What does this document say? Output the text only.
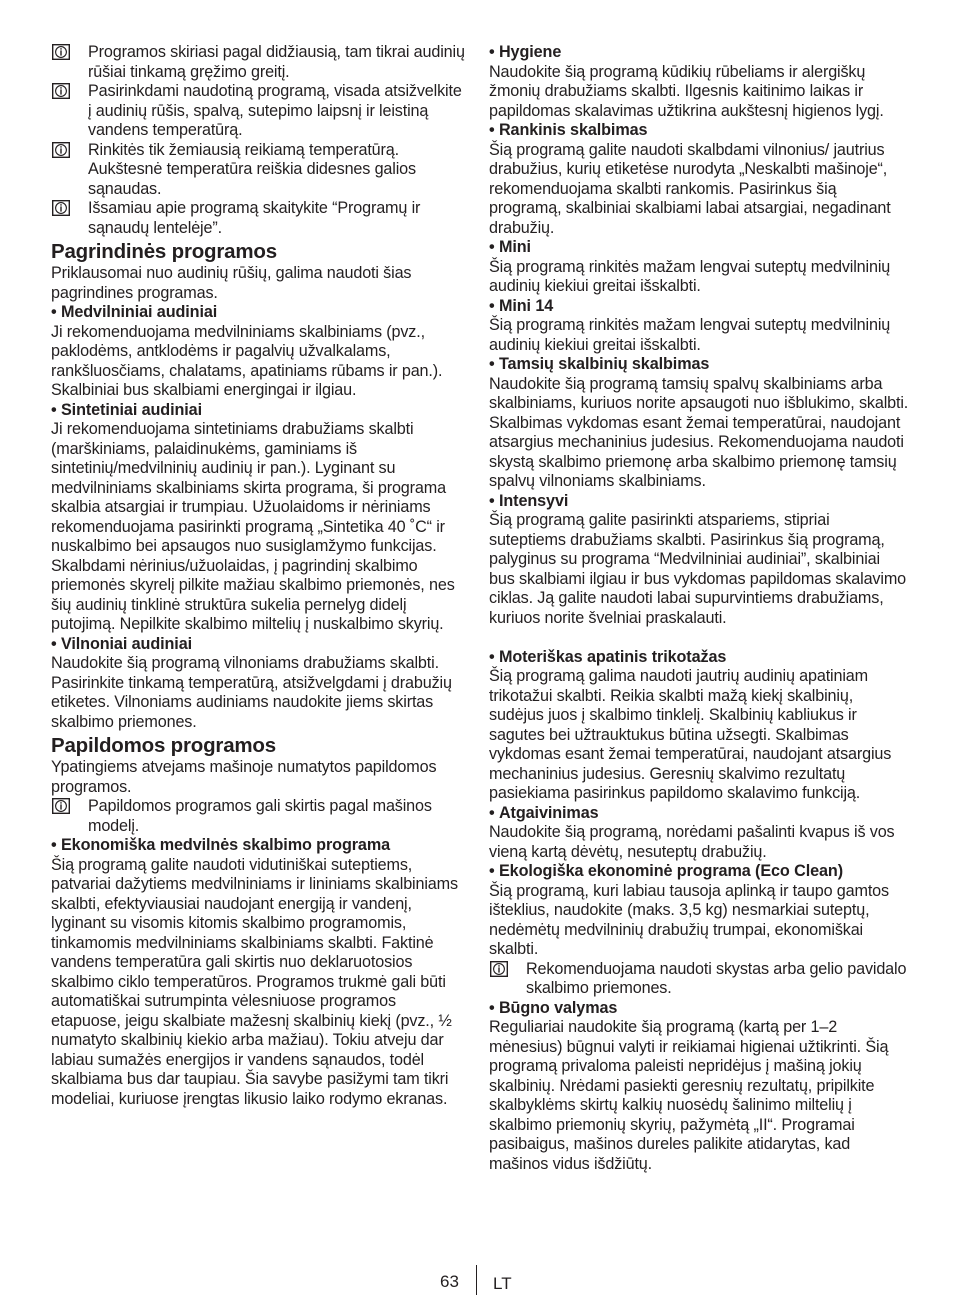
Programos skiriasi pagal didžiausią, tam tikrai audinių rūšiai tinkamą gręžimo greitį.
Pasirinkdami naudotiną programą, visada atsižvelkite į audinių rūšis, spalvą, sutepimo laipsnį ir leistiną vandens temperatūrą.
Rinkitės tik žemiausią reikiamą temperatūrą. Aukštesnė temperatūra reiškia didesnes galios sąnaudas.
Išsamiau apie programą skaitykite “Programų ir sąnaudų lentelėje”.
Pagrindinės programos

Priklausomai nuo audinių rūšių, galima naudoti šias pagrindines programas.

• Medvilniniai audiniai

Ji rekomenduojama medvilniniams skalbiniams (pvz., paklodėms, antklodėms ir pagalvių užvalkalams, rankšluosčiams, chalatams, apatiniams rūbams ir pan.). Skalbiniai bus skalbiami energingai ir ilgiau.

• Sintetiniai audiniai

Ji rekomenduojama sintetiniams drabužiams skalbti (marškiniams, palaidinukėms, gaminiams iš sintetinių/medvilninių audinių ir pan.). Lyginant su medvilniniams skalbiniams skirta programa, ši programa skalbia atsargiai ir trumpiau. Užuolaidoms ir nėriniams rekomenduojama pasirinkti programą „Sintetika 40 ˚C“ ir nuskalbimo bei apsaugos nuo susiglamžymo funkcijas. Skalbdami nėrinius/užuolaidas, į pagrindinį skalbimo priemonės skyrelį pilkite mažiau skalbimo priemonės, nes šių audinių tinklinė struktūra sukelia pernelyg didelį putojimą. Nepilkite skalbimo miltelių į nuskalbimo skyrių.

• Vilnoniai audiniai

Naudokite šią programą vilnoniams drabužiams skalbti. Pasirinkite tinkamą temperatūrą, atsižvelgdami į drabužių etiketes. Vilnoniams audiniams naudokite jiems skirtas skalbimo priemones.

Papildomos programos

Ypatingiems atvejams mašinoje numatytos papildomos programos.

Papildomos programos gali skirtis pagal mašinos modelį.
• Ekonomiška medvilnės skalbimo programa

Šią programą galite naudoti vidutiniškai suteptiems, patvariai dažytiems medvilniniams ir lininiams skalbiniams skalbti, efektyviausiai naudojant energiją ir vandenį, lyginant su visomis kitomis skalbimo programomis, tinkamomis medvilniniams skalbiniams skalbti. Faktinė vandens temperatūra gali skirtis nuo deklaruotosios skalbimo ciklo temperatūros. Programos trukmė gali būti automatiškai sutrumpinta vėlesniuose programos etapuose, jeigu skalbiate mažesnį skalbinių kiekį (pvz., ½ numatyto skalbinių kiekio arba mažiau). Tokiu atveju dar labiau sumažės energijos ir vandens sąnaudos, todėl skalbiama bus dar taupiau. Šia savybe pasižymi tam tikri modeliai, kuriuose įrengtas likusio laiko rodymo ekranas.

• Hygiene

Naudokite šią programą kūdikių rūbeliams ir alergiškų žmonių drabužiams skalbti. Ilgesnis kaitinimo laikas ir papildomas skalavimas užtikrina aukštesnį higienos lygį.

• Rankinis skalbimas

Šią programą galite naudoti skalbdami vilnonius/ jautrius drabužius, kurių etiketėse nurodyta „Neskalbti mašinoje“, rekomenduojama skalbti rankomis. Pasirinkus šią programą, skalbiniai skalbiami labai atsargiai, negadinant drabužių.

• Mini

Šią programą rinkitės mažam lengvai suteptų medvilninių audinių kiekiui greitai išskalbti.

• Mini 14

Šią programą rinkitės mažam lengvai suteptų medvilninių audinių kiekiui greitai išskalbti.

• Tamsių skalbinių skalbimas

Naudokite šią programą tamsių spalvų skalbiniams arba skalbiniams, kuriuos norite apsaugoti nuo išblukimo, skalbti. Skalbimas vykdomas esant žemai temperatūrai, naudojant atsargius mechaninius judesius. Rekomenduojama naudoti skystą skalbimo priemonę arba skalbimo priemonę tamsių spalvų vilnoniams skalbiniams.

• Intensyvi

Šią programą galite pasirinkti atspariems, stipriai suteptiems drabužiams skalbti. Pasirinkus šią programą, palyginus su programa “Medvilniniai audiniai”, skalbiniai bus skalbiami ilgiau ir bus vykdomas papildomas skalavimo ciklas. Ją galite naudoti labai supurvintiems drabužiams, kuriuos norite švelniai praskalauti.

• Moteriškas apatinis trikotažas

Šią programą galima naudoti jautrių audinių apatiniam trikotažui skalbti. Reikia skalbti mažą kiekį skalbinių, sudėjus juos į skalbimo tinklelį. Skalbinių kabliukus ir sagutes bei užtrauktukus būtina užsegti. Skalbimas vykdomas esant žemai temperatūrai, naudojant atsargius mechaninius judesius. Geresnių skalvimo rezultatų pasiekiama pasirinkus papildomo skalavimo funkciją.

• Atgaivinimas

Naudokite šią programą, norėdami pašalinti kvapus iš vos vieną kartą dėvėtų, nesuteptų drabužių.

• Ekologiška ekonominė programa (Eco Clean)

Šią programą, kuri labiau tausoja aplinką ir taupo gamtos išteklius, naudokite (maks. 3,5 kg) nesmarkiai suteptų, nedėmėtų medvilninių drabužių trumpai, ekonomiškai skalbti.

Rekomenduojama naudoti skystas arba gelio pavidalo skalbimo priemones.
• Būgno valymas

Reguliariai naudokite šią programą (kartą per 1–2 mėnesius) būgnui valyti ir reikiamai higienai užtikrinti. Šią programą privaloma paleisti nepridėjus į mašiną jokių skalbinių. Nrėdami pasiekti geresnių rezultatų, pripilkite skalbyklėms skirtų kalkių nuosėdų šalinimo miltelių į skalbimo priemonių skyrių, pažymėtą „II“. Programai pasibaigus, mašinos dureles palikite atidarytas, kad mašinos vidus išdžiūtų.

63 LT
